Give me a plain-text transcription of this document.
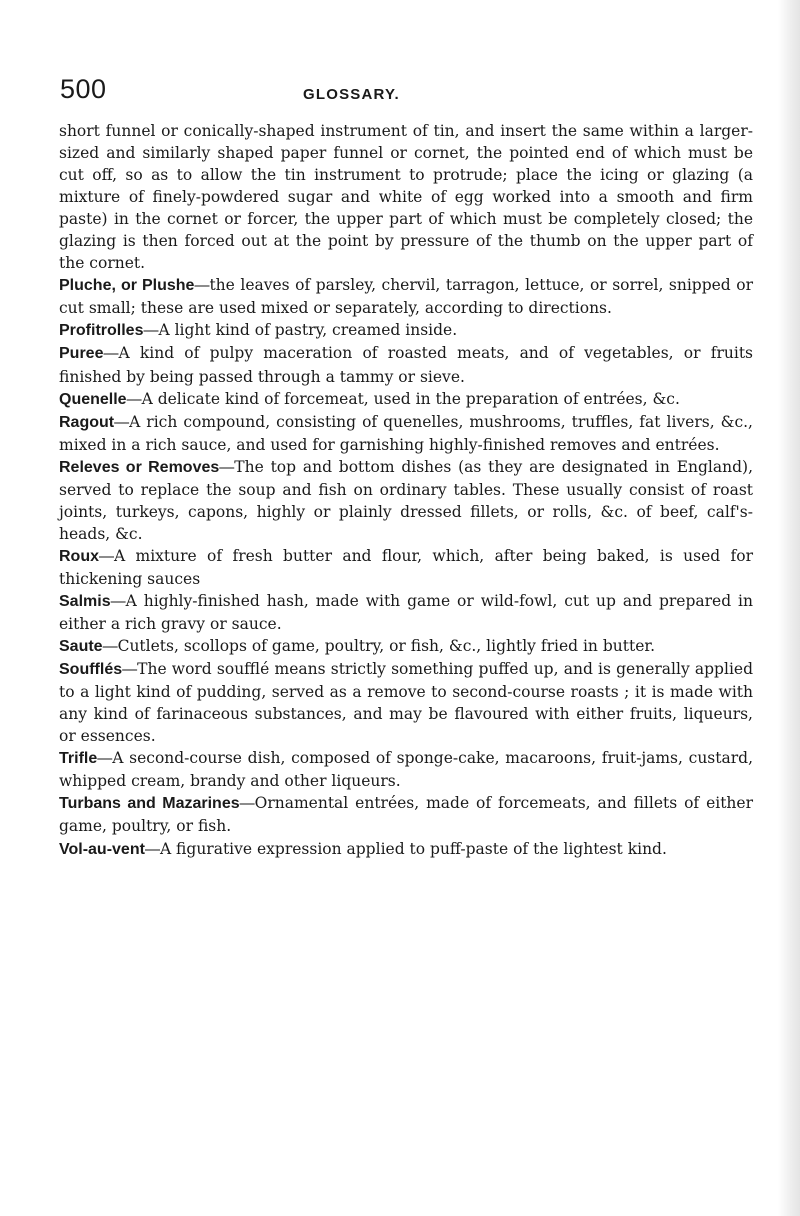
500	GLOSSARY.

short funnel or conically-shaped instrument of tin, and insert the same within a larger-sized and similarly shaped paper funnel or cornet, the pointed end of which must be cut off, so as to allow the tin instrument to protrude; place the icing or glazing (a mixture of finely-powdered sugar and white of egg worked into a smooth and firm paste) in the cornet or forcer, the upper part of which must be completely closed; the glazing is then forced out at the point by pressure of the thumb on the upper part of the cornet.

Pluche, or Plushe—the leaves of parsley, chervil, tarragon, lettuce, or sorrel, snipped or cut small; these are used mixed or separately, according to directions.

Profitrolles—A light kind of pastry, creamed inside.

Puree—A kind of pulpy maceration of roasted meats, and of vegetables, or fruits finished by being passed through a tammy or sieve.

Quenelle—A delicate kind of forcemeat, used in the preparation of entrées, &c.

Ragout—A rich compound, consisting of quenelles, mushrooms, truffles, fat livers, &c., mixed in a rich sauce, and used for garnishing highly-finished removes and entrées.

Releves or Removes—The top and bottom dishes (as they are designated in England), served to replace the soup and fish on ordinary tables. These usually consist of roast joints, turkeys, capons, highly or plainly dressed fillets, or rolls, &c. of beef, calf's-heads, &c.

Roux—A mixture of fresh butter and flour, which, after being baked, is used for thickening sauces

Salmis—A highly-finished hash, made with game or wild-fowl, cut up and prepared in either a rich gravy or sauce.

Saute—Cutlets, scollops of game, poultry, or fish, &c., lightly fried in butter.

Soufflés—The word soufflé means strictly something puffed up, and is generally applied to a light kind of pudding, served as a remove to second-course roasts ; it is made with any kind of farinaceous substances, and may be flavoured with either fruits, liqueurs, or essences.

Trifle—A second-course dish, composed of sponge-cake, macaroons, fruit-jams, custard, whipped cream, brandy and other liqueurs.

Turbans and Mazarines—Ornamental entrées, made of forcemeats, and fillets of either game, poultry, or fish.

Vol-au-vent—A figurative expression applied to puff-paste of the lightest kind.
